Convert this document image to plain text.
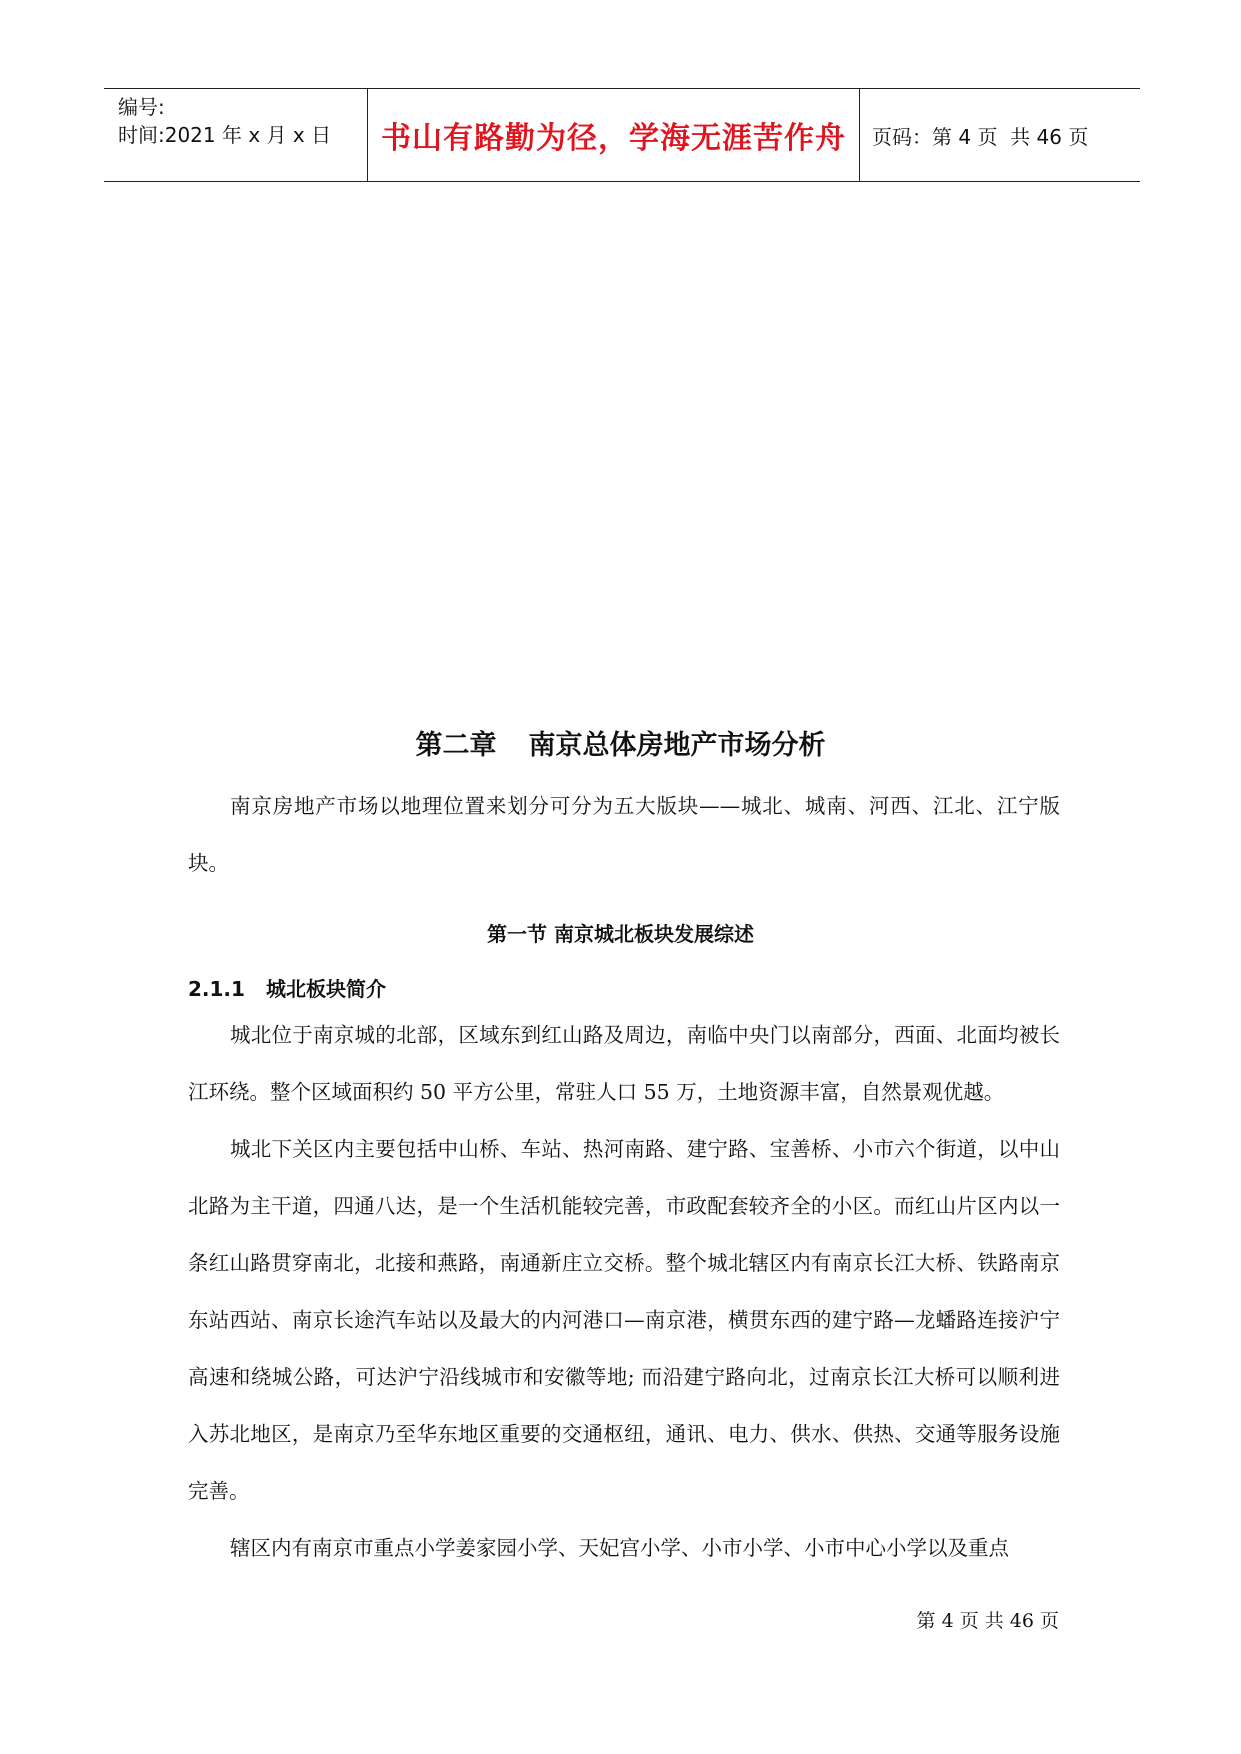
编号:
时间:2021 年 x 月 x 日	书山有路勤为径，学海无涯苦作舟 页码：第 4 页  共 46 页
第二章 南京总体房地产市场分析

南京房地产市场以地理位置来划分可分为五大版块——城北、城南、河西、江北、江宁版块。

第一节 南京城北板块发展综述
2.1.1 城北板块简介

城北位于南京城的北部，区域东到红山路及周边，南临中央门以南部分，西面、北面均被长江环绕。整个区域面积约 50 平方公里，常驻人口 55 万，土地资源丰富，自然景观优越。

城北下关区内主要包括中山桥、车站、热河南路、建宁路、宝善桥、小市六个街道，以中山北路为主干道，四通八达，是一个生活机能较完善，市政配套较齐全的小区。而红山片区内以一条红山路贯穿南北，北接和燕路，南通新庄立交桥。整个城北辖区内有南京长江大桥、铁路南京东站西站、南京长途汽车站以及最大的内河港口—南京港，横贯东西的建宁路—龙蟠路连接沪宁高速和绕城公路，可达沪宁沿线城市和安徽等地; 而沿建宁路向北，过南京长江大桥可以顺利进入苏北地区，是南京乃至华东地区重要的交通枢纽，通讯、电力、供水、供热、交通等服务设施完善。

辖区内有南京市重点小学姜家园小学、天妃宫小学、小市小学、小市中心小学以及重点

第 4 页 共 46 页
